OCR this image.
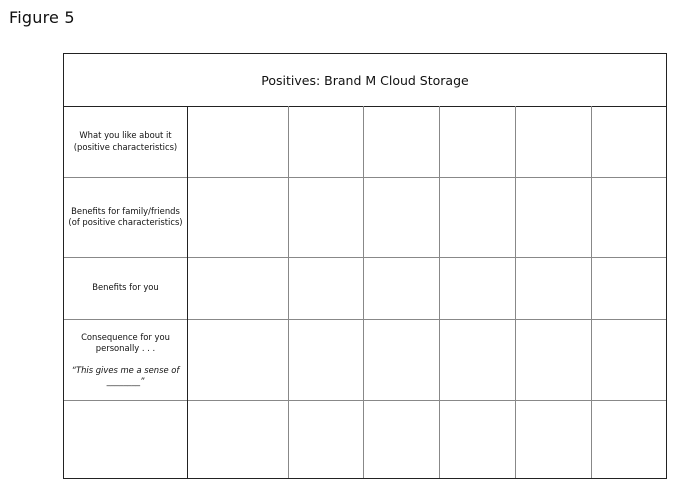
Figure 5
Positives: Brand M Cloud Storage
What you like about it
(positive characteristics)
Benefits for family/friends
(of positive characteristics)
Benefits for you
Consequence for you
personally . . .
“This gives me a sense of
________”
